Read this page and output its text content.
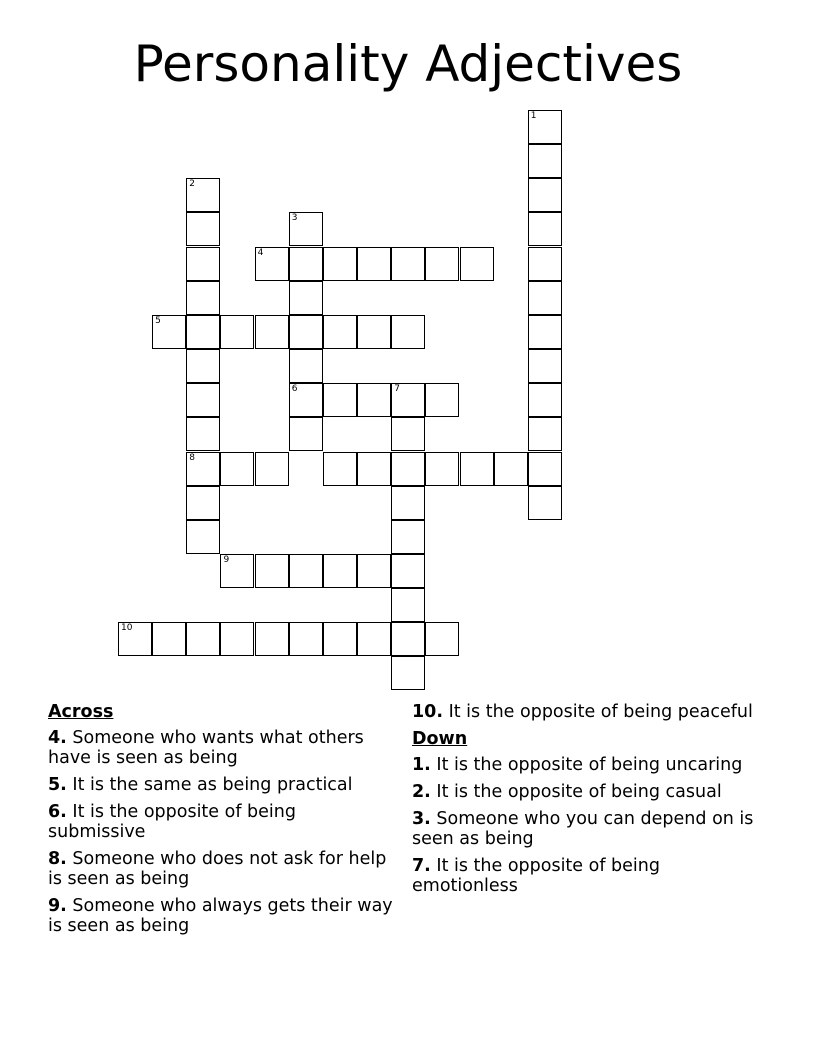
Personality Adjectives
1
2
3
4
5
6	7
8
9
10
Across
4. Someone who wants what others have is seen as being
5. It is the same as being practical
6. It is the opposite of being submissive
8. Someone who does not ask for help is seen as being
9. Someone who always gets their way is seen as being
10. It is the opposite of being peaceful
Down
1. It is the opposite of being uncaring
2. It is the opposite of being casual
3. Someone who you can depend on is seen as being
7. It is the opposite of being emotionless
